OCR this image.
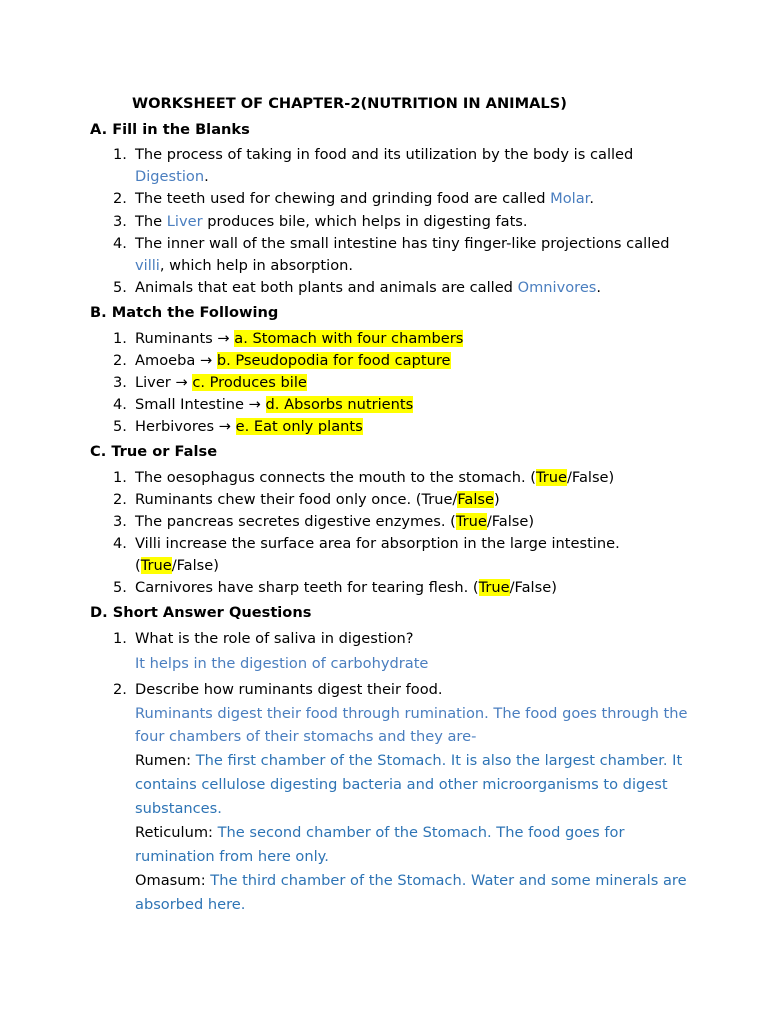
WORKSHEET OF CHAPTER-2(NUTRITION IN ANIMALS)
A. Fill in the Blanks
1. The process of taking in food and its utilization by the body is called
Digestion.
2. The teeth used for chewing and grinding food are called Molar.
3. The Liver produces bile, which helps in digesting fats.
4. The inner wall of the small intestine has tiny finger-like projections called
villi, which help in absorption.
5. Animals that eat both plants and animals are called Omnivores.
B. Match the Following
1. Ruminants → a. Stomach with four chambers
2. Amoeba → b. Pseudopodia for food capture
3. Liver → c. Produces bile
4. Small Intestine → d. Absorbs nutrients
5. Herbivores → e. Eat only plants
C. True or False
1. The oesophagus connects the mouth to the stomach. (True/False)
2. Ruminants chew their food only once. (True/False)
3. The pancreas secretes digestive enzymes. (True/False)
4. Villi increase the surface area for absorption in the large intestine.
(True/False)
5. Carnivores have sharp teeth for tearing flesh. (True/False)
D. Short Answer Questions
1. What is the role of saliva in digestion?
It helps in the digestion of carbohydrate
2. Describe how ruminants digest their food.
Ruminants digest their food through rumination. The food goes through the
four chambers of their stomachs and they are-
Rumen: The first chamber of the Stomach. It is also the largest chamber. It
contains cellulose digesting bacteria and other microorganisms to digest
substances.
Reticulum: The second chamber of the Stomach. The food goes for
rumination from here only.
Omasum: The third chamber of the Stomach. Water and some minerals are
absorbed here.
